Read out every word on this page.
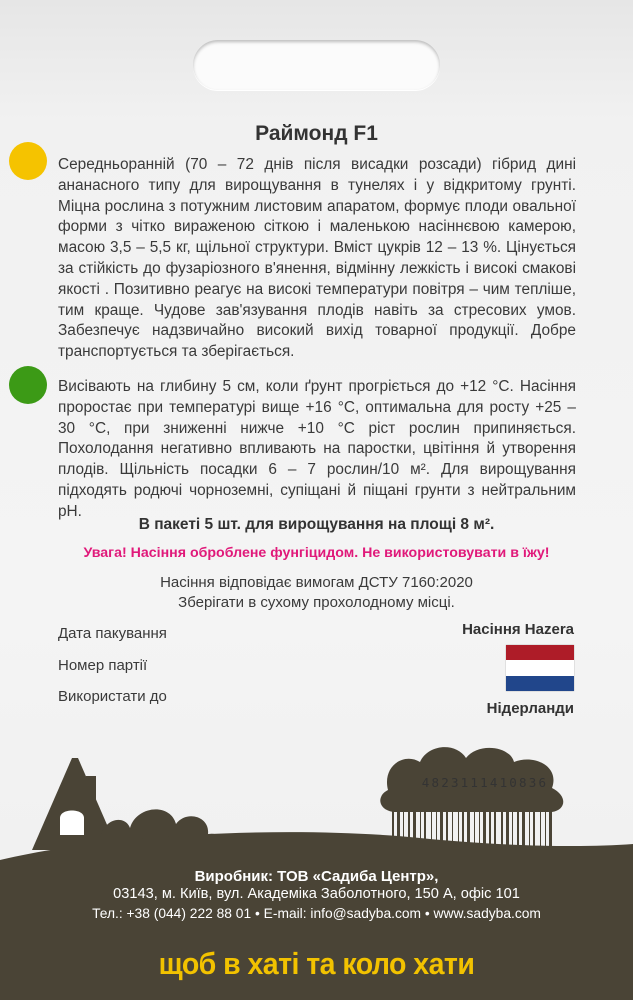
Раймонд F1
Середньоранній (70 – 72 днів після висадки розсади) гібрид дині ананасного типу для вирощування в тунелях і у відкритому грунті. Міцна рослина з потужним листовим апаратом, формує плоди овальної форми з чітко вираженою сіткою і маленькою насіннєвою камерою, масою 3,5 – 5,5 кг, щільної структури. Вміст цукрів 12 – 13 %. Цінується за стійкість до фузаріозного в'янення, відмінну лежкість і високі смакові якості . Позитивно реагує на високі температури повітря – чим тепліше, тим краще. Чудове зав'язування плодів навіть за стресових умов. Забезпечує надзвичайно високий вихід товарної продукції. Добре транспортується та зберігається.
Висівають на глибину 5 см, коли ґрунт прогріється до +12 °С. Насіння проростає при температурі вище +16 °С, оптимальна для росту +25 – 30 °С, при зниженні нижче +10 °С ріст рослин припиняється. Похолодання негативно впливають на паростки, цвітіння й утворення плодів. Щільність посадки 6 – 7 рослин/10 м². Для вирощування підходять родючі чорноземні, супіщані й піщані грунти з нейтральним рН.
В пакеті 5 шт. для вирощування на площі 8 м².
Увага! Насіння оброблене фунгіцидом. Не використовувати в їжу!
Насіння відповідає вимогам ДСТУ 7160:2020
Зберігати в сухому прохолодному місці.
Дата пакування
Номер партії
Використати до
Насіння Hazera
Нідерланди
4823111410836
Виробник: ТОВ «Садиба Центр»,
03143, м. Київ, вул. Академіка Заболотного, 150 А, офіс 101
Тел.: +38 (044) 222 88 01 • E-mail: info@sadyba.com • www.sadyba.com
щоб в хаті та коло хати
